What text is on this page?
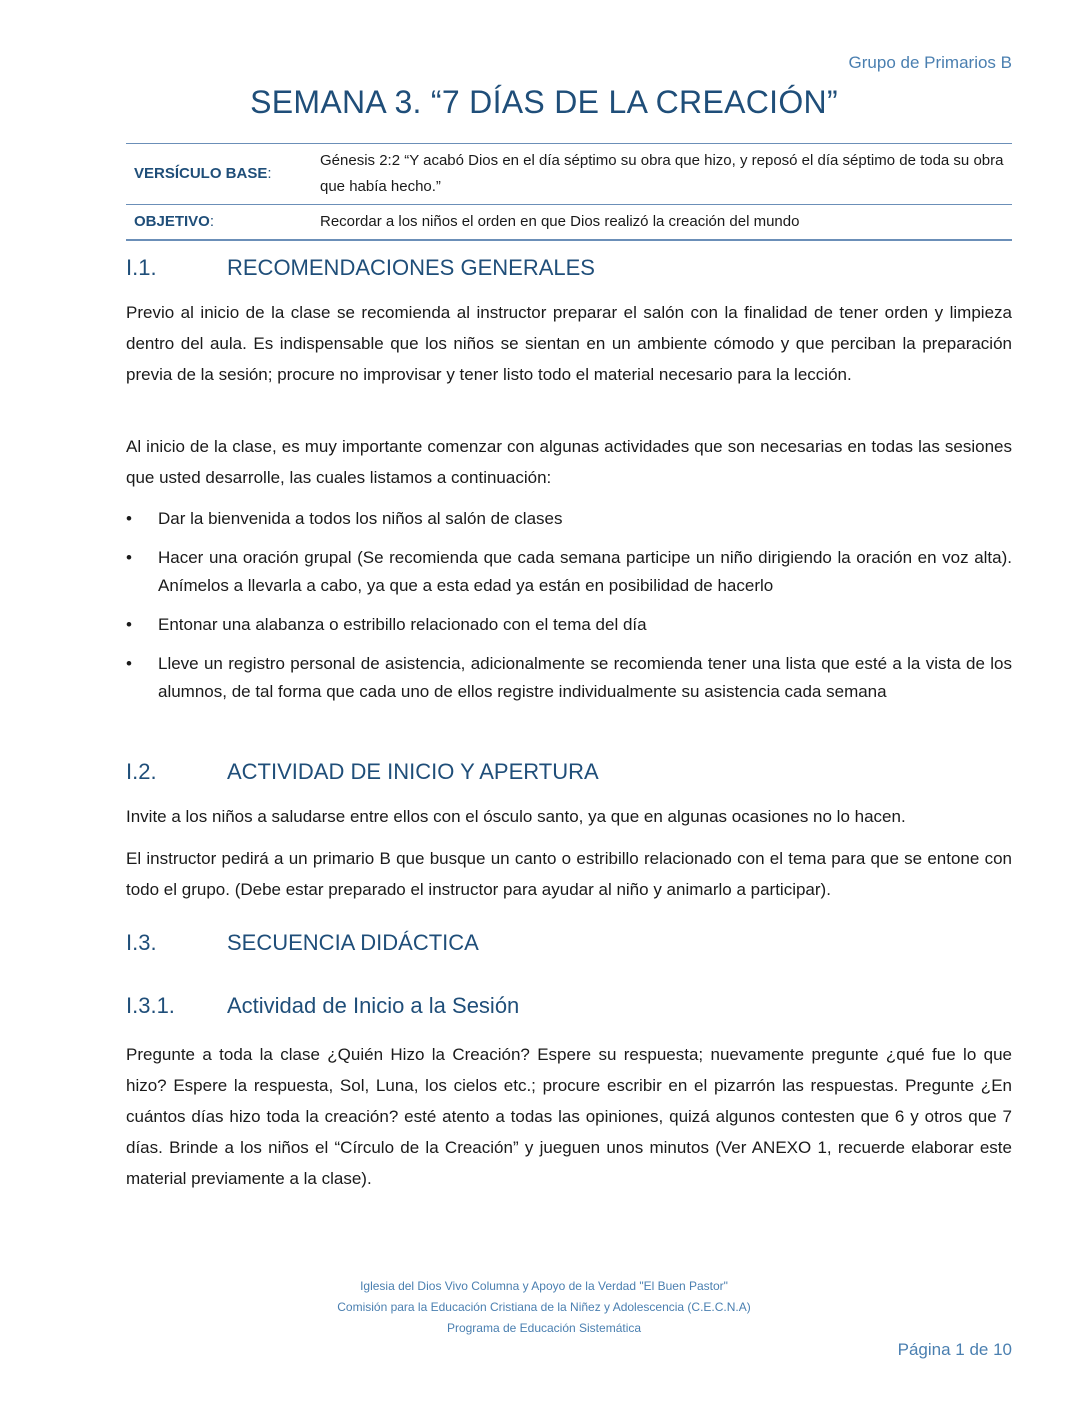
Grupo de Primarios B
SEMANA 3. “7 DÍAS DE LA CREACIÓN”
VERSÍCULO BASE:	Génesis 2:2 “Y acabó Dios en el día séptimo su obra que hizo, y reposó el día séptimo de toda su obra que había hecho.”
OBJETIVO:	Recordar a los niños el orden en que Dios realizó la creación del mundo
I.1.	RECOMENDACIONES GENERALES
Previo al inicio de la clase se recomienda al instructor preparar el salón con la finalidad de tener orden y limpieza dentro del aula. Es indispensable que los niños se sientan en un ambiente cómodo y que perciban la preparación previa de la sesión; procure no improvisar y tener listo todo el material necesario para la lección.
Al inicio de la clase, es muy importante comenzar con algunas actividades que son necesarias en todas las sesiones que usted desarrolle, las cuales listamos a continuación:
• Dar la bienvenida a todos los niños al salón de clases
• Hacer una oración grupal (Se recomienda que cada semana participe un niño dirigiendo la oración en voz alta). Anímelos a llevarla a cabo, ya que a esta edad ya están en posibilidad de hacerlo
• Entonar una alabanza o estribillo relacionado con el tema del día
• Lleve un registro personal de asistencia, adicionalmente se recomienda tener una lista que esté a la vista de los alumnos, de tal forma que cada uno de ellos registre individualmente su asistencia cada semana
I.2.	ACTIVIDAD DE INICIO Y APERTURA
Invite a los niños a saludarse entre ellos con el ósculo santo, ya que en algunas ocasiones no lo hacen.
El instructor pedirá a un primario B que busque un canto o estribillo relacionado con el tema para que se entone con todo el grupo. (Debe estar preparado el instructor para ayudar al niño y animarlo a participar).
I.3.	SECUENCIA DIDÁCTICA
I.3.1. Actividad de Inicio a la Sesión
Pregunte a toda la clase ¿Quién Hizo la Creación? Espere su respuesta; nuevamente pregunte ¿qué fue lo que hizo? Espere la respuesta, Sol, Luna, los cielos etc.; procure escribir en el pizarrón las respuestas. Pregunte ¿En cuántos días hizo toda la creación? esté atento a todas las opiniones, quizá algunos contesten que 6 y otros que 7 días. Brinde a los niños el “Círculo de la Creación” y jueguen unos minutos (Ver ANEXO 1, recuerde elaborar este material previamente a la clase).
Iglesia del Dios Vivo Columna y Apoyo de la Verdad "El Buen Pastor"
Comisión para la Educación Cristiana de la Niñez y Adolescencia (C.E.C.N.A)
Programa de Educación Sistemática
Página 1 de 10
